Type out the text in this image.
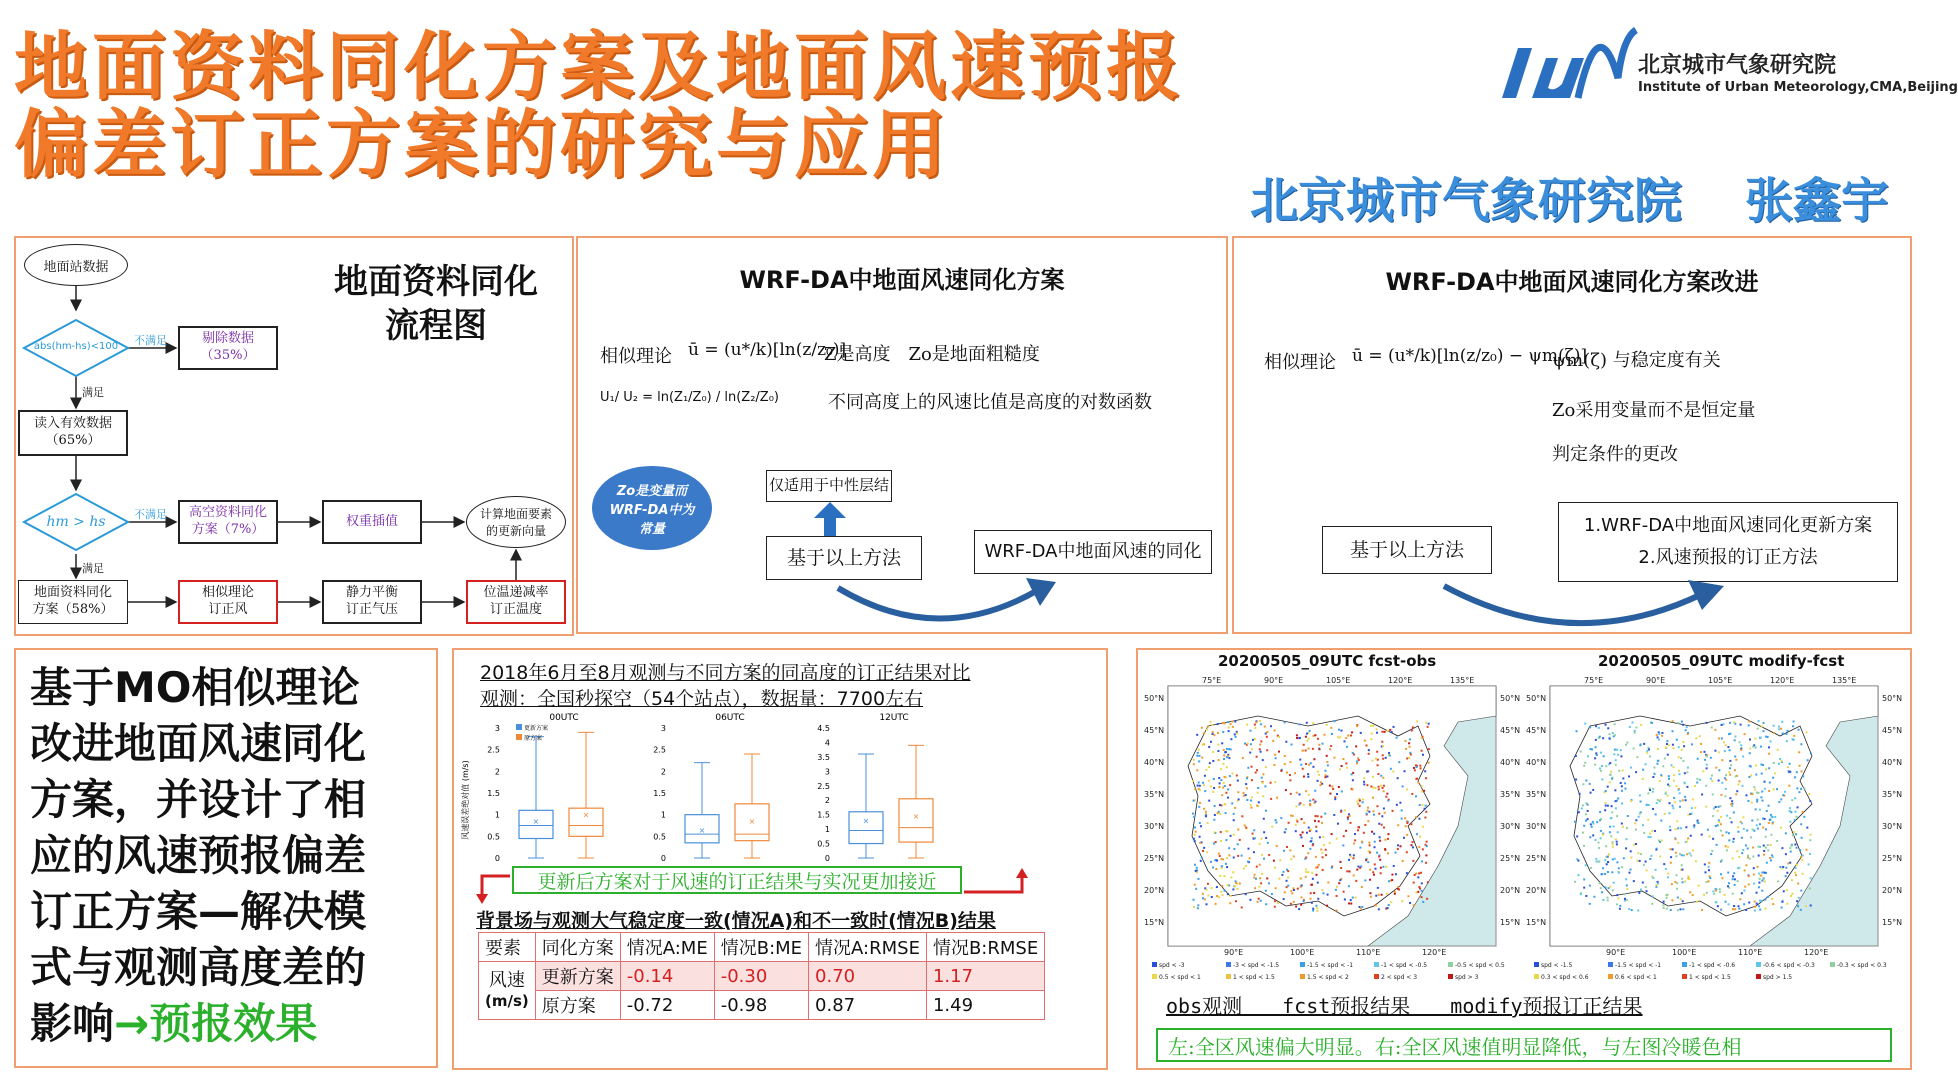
地面资料同化方案及地面风速预报
偏差订正方案的研究与应用
北京城市气象研究院
Institute of Urban Meteorology,CMA,Beijing
北京城市气象研究院 张鑫宇
地面站数据
abs(hm-hs)<100	不满足
满足
剔除数据
（35%）
读入有效数据
（65%）
hm > hs	不满足
满足
高空资料同化
方案（7%）
权重插值	计算地面要素的更新向量
地面资料同化
方案（58%）
相似理论
订正风
静力平衡
订正气压
位温递减率
订正温度
地面资料同化
流程图
WRF-DA中地面风速同化方案
相似理论 ū = (u*/k)[ln(z/z₀)]
Z是高度　Zo是地面粗糙度
U₁/ U₂ = ln(Z₁/Z₀) / ln(Z₂/Z₀)	不同高度上的风速比值是高度的对数函数
Zo是变量而WRF-DA中为常量
仅适用于中性层结
基于以上方法	WRF-DA中地面风速的同化
WRF-DA中地面风速同化方案改进
相似理论 ū = (u*/k)[ln(z/z₀) − ψm(ζ)]
ψm(ζ) 与稳定度有关
Zo采用变量而不是恒定量
判定条件的更改
基于以上方法
1.WRF-DA中地面风速同化更新方案
2.风速预报的订正方法
基于MO相似理论
改进地面风速同化
方案，并设计了相
应的风速预报偏差
订正方案—解决模
式与观测高度差的
影响→预报效果
2018年6月至8月观测与不同方案的同高度的订正结果对比
观测：全国秒探空（54个站点），数据量：7700左右
风速误差绝对值 (m/s)
00UTC
0
0.5
1
1.5
2
2.5
3
×
×
06UTC
0
0.5
1
1.5
2
2.5
3
×
×
12UTC
0
0.5
1
1.5
2
2.5
3
3.5
4
4.5
×	×
更新方案
原方案
更新后方案对于风速的订正结果与实况更加接近
背景场与观测大气稳定度一致(情况A)和不一致时(情况B)结果
要素	同化方案	情况A:ME	情况B:ME	情况A:RMSE	情况B:RMSE

风速
(m/s)	更新方案	-0.14	-0.30	0.70	1.17
	原方案	-0.72	-0.98	0.87	1.49
20200505_09UTC fcst-obs	20200505_09UTC modify-fcst
75°E	90°E	105°E	120°E	135°E
90°E	100°E	110°E	120°E
50°N	50°N
45°N	45°N
40°N	40°N
35°N	35°N
30°N	30°N
25°N	25°N
20°N	20°N
15°N	15°N
75°E	90°E	105°E	120°E	135°E
90°E	100°E	110°E	120°E
50°N	50°N
45°N	45°N
40°N	40°N
35°N	35°N
30°N	30°N
25°N	25°N
20°N	20°N
15°N	15°N
spd < -3	-3 < spd < -1.5	-1.5 < spd < -1	-1 < spd < -0.5	-0.5 < spd < 0.5
0.5 < spd < 1	1 < spd < 1.5	1.5 < spd < 2	2 < spd < 3	spd > 3
spd < -1.5	-1.5 < spd < -1	-1 < spd < -0.6	-0.6 < spd < -0.3	-0.3 < spd < 0.3
0.3 < spd < 0.6	0.6 < spd < 1	1 < spd < 1.5	spd > 1.5
obs观测　　fcst预报结果　　modify预报订正结果
左:全区风速偏大明显。右:全区风速值明显降低，与左图冷暖色相
